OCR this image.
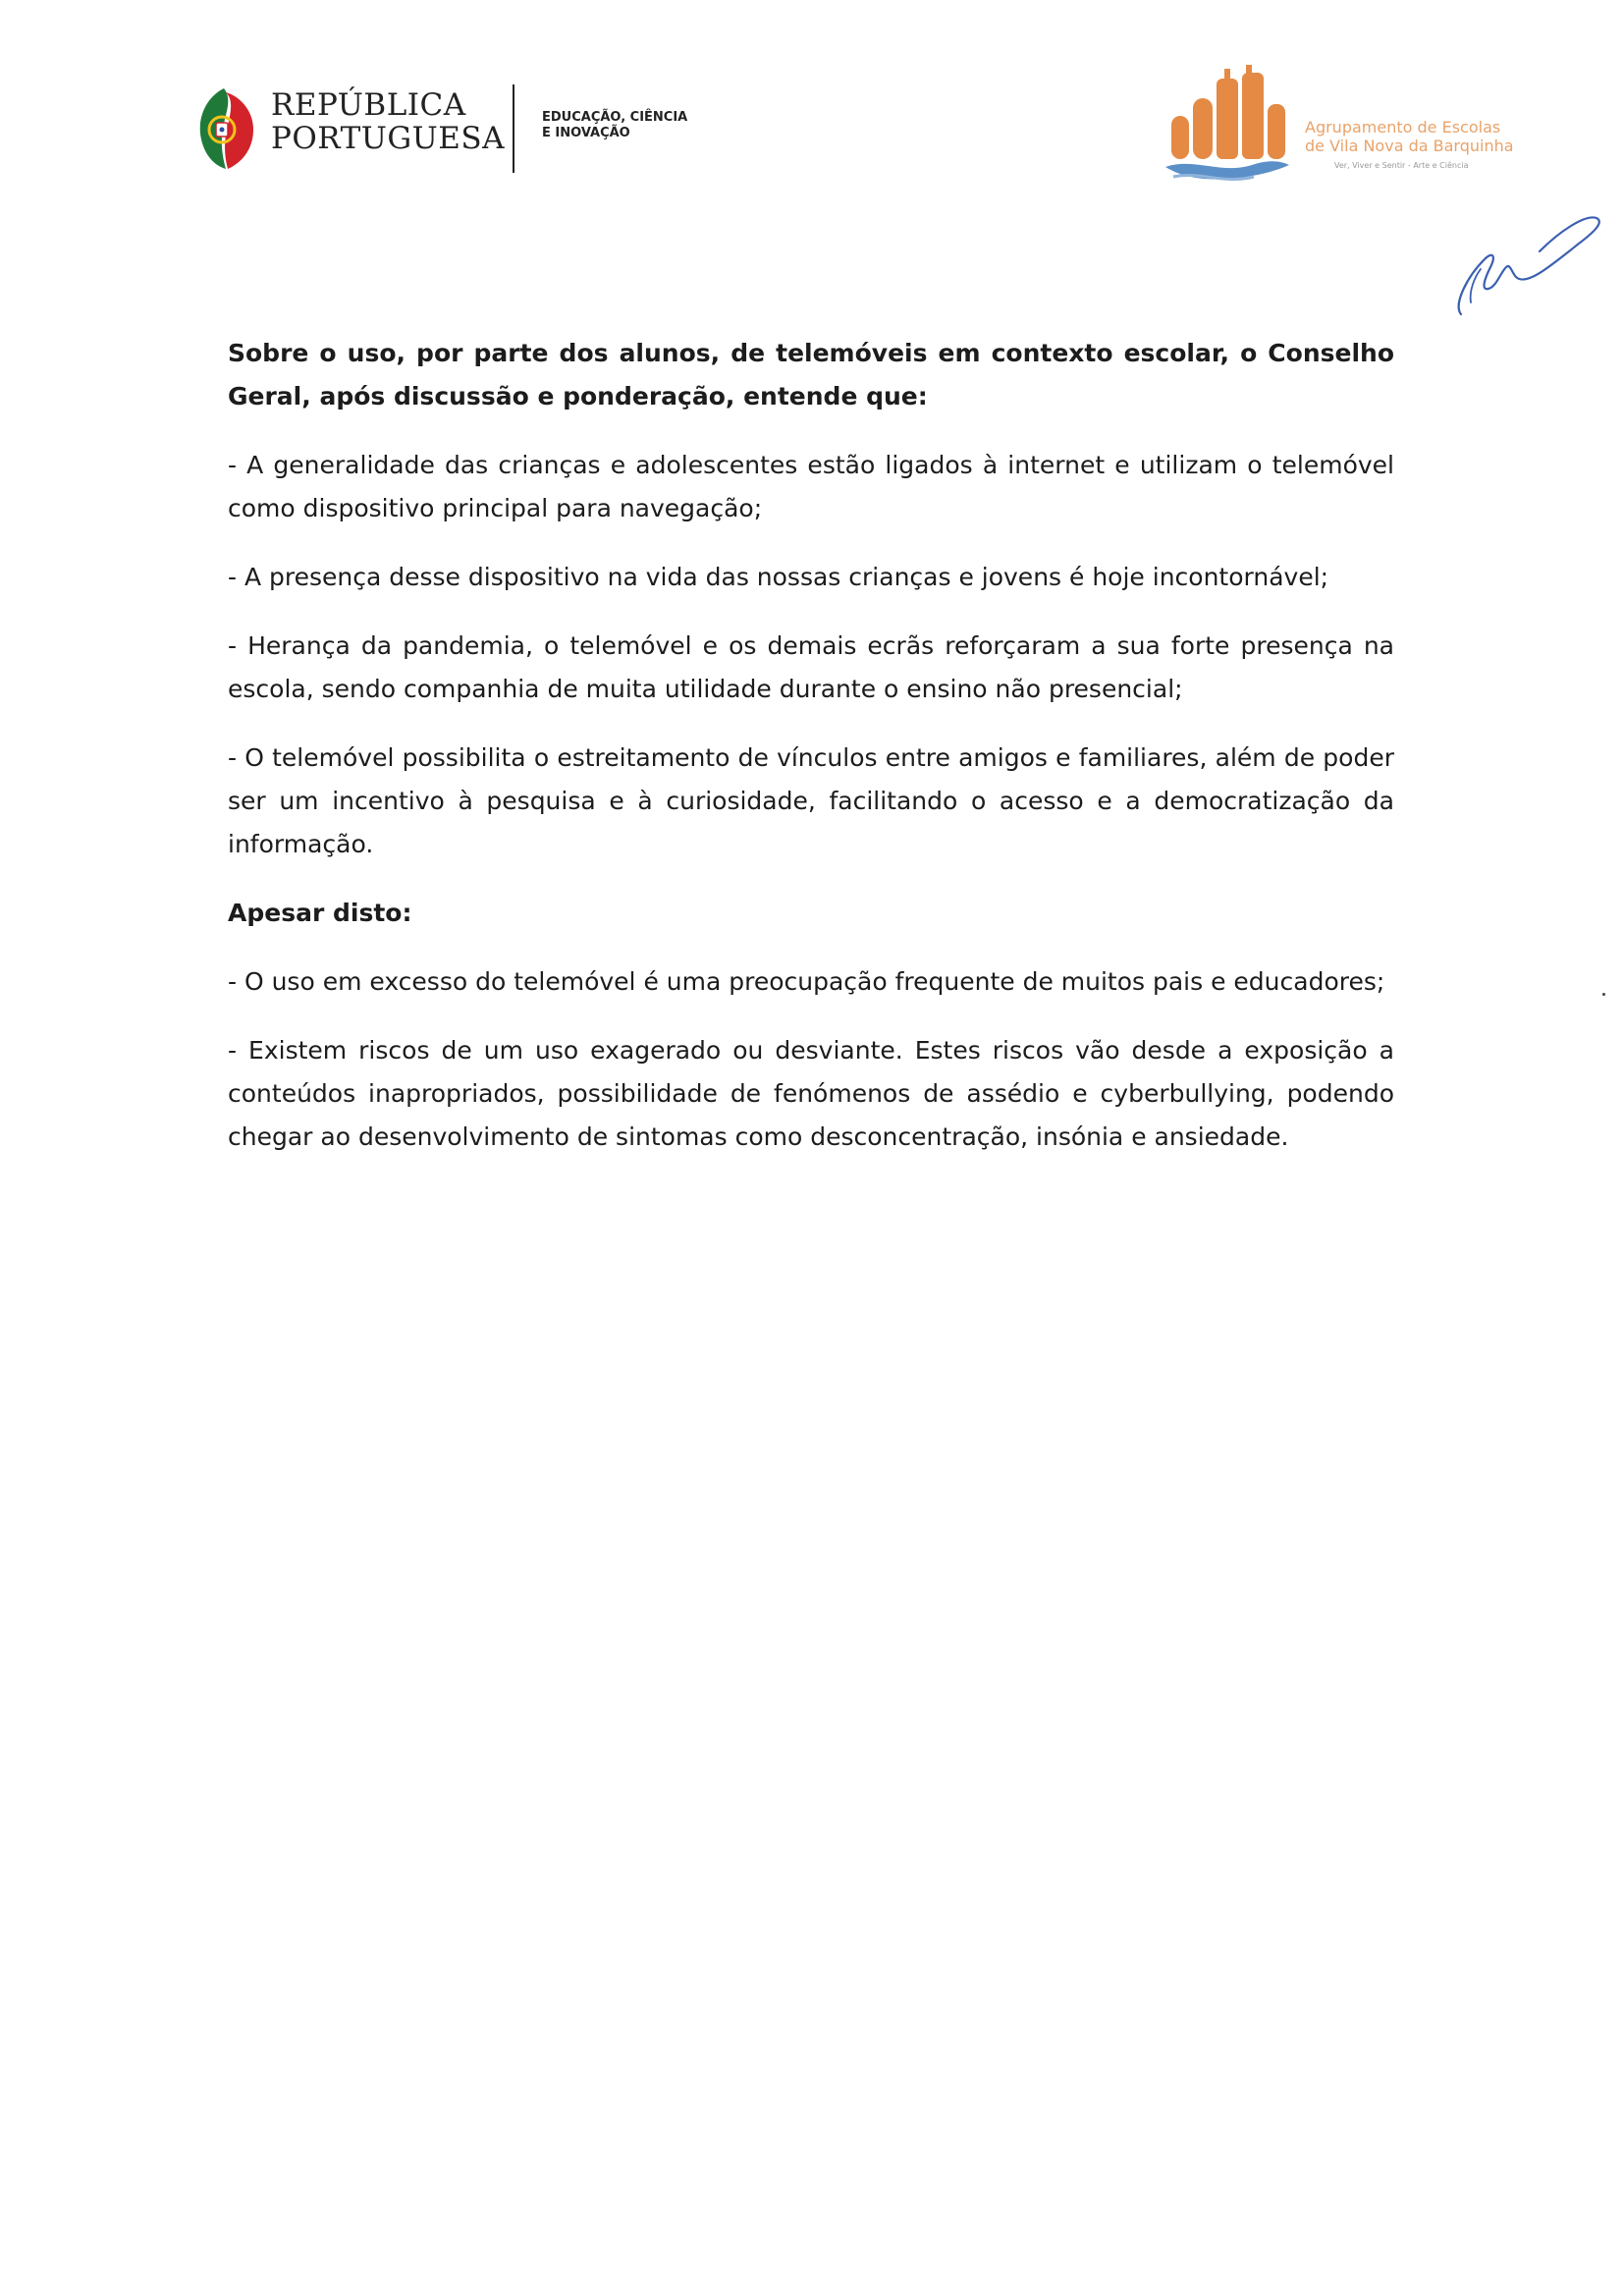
REPÚBLICA
PORTUGUESA
EDUCAÇÃO, CIÊNCIA
E INOVAÇÃO	Agrupamento de Escolas
de Vila Nova da Barquinha
Ver, Viver e Sentir - Arte e Ciência

Sobre o uso, por parte dos alunos, de telemóveis em contexto escolar, o Conselho Geral, após discussão e ponderação, entende que:

- A generalidade das crianças e adolescentes estão ligados à internet e utilizam o telemóvel como dispositivo principal para navegação;

- A presença desse dispositivo na vida das nossas crianças e jovens é hoje incontornável;

- Herança da pandemia, o telemóvel e os demais ecrãs reforçaram a sua forte presença na escola, sendo companhia de muita utilidade durante o ensino não presencial;

- O telemóvel possibilita o estreitamento de vínculos entre amigos e familiares, além de poder ser um incentivo à pesquisa e à curiosidade, facilitando o acesso e a democratização da informação.

Apesar disto:

- O uso em excesso do telemóvel é uma preocupação frequente de muitos pais e educadores;

- Existem riscos de um uso exagerado ou desviante. Estes riscos vão desde a exposição a conteúdos inapropriados, possibilidade de fenómenos de assédio e cyberbullying, podendo chegar ao desenvolvimento de sintomas como desconcentração, insónia e ansiedade.
